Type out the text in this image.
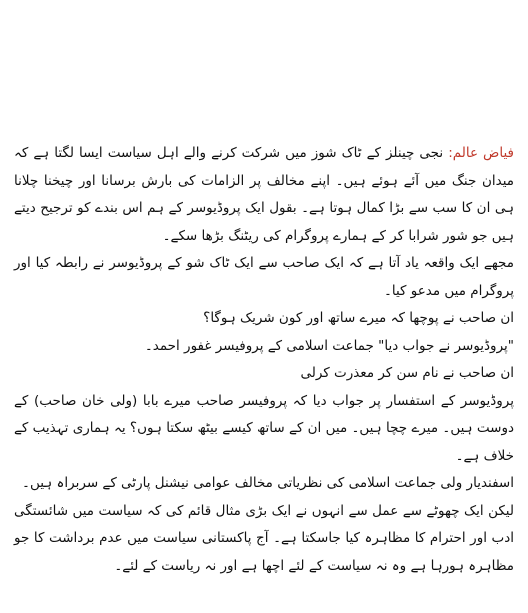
فیاض عالم: نجی چینلز کے ٹاک شوز میں شرکت کرنے والے اہل سیاست ایسا لگتا ہے کہ میدان جنگ میں آئے ہوئے ہیں۔ اپنے مخالف پر الزامات کی بارش برسانا اور چیخنا چلانا ہی ان کا سب سے بڑا کمال ہوتا ہے۔ بقول ایک پروڈیوسر کے ہم اس بندے کو ترجیح دیتے ہیں جو شور شرابا کر کے ہمارے پروگرام کی ریٹنگ بڑھا سکے۔

مجھے ایک واقعہ یاد آتا ہے کہ ایک صاحب سے ایک ٹاک شو کے پروڈیوسر نے رابطہ کیا اور پروگرام میں مدعو کیا۔

ان صاحب نے پوچھا کہ میرے ساتھ اور کون شریک ہوگا؟

"پروڈیوسر نے جواب دیا" جماعت اسلامی کے پروفیسر غفور احمد۔

ان صاحب نے نام سن کر معذرت کرلی

پروڈیوسر کے استفسار پر جواب دیا کہ پروفیسر صاحب میرے بابا (ولی خان صاحب) کے دوست ہیں۔ میرے چچا ہیں۔ میں ان کے ساتھ کیسے بیٹھ سکتا ہوں؟ یہ ہماری تہذیب کے خلاف ہے۔

اسفندیار ولی جماعت اسلامی کی نظریاتی مخالف عوامی نیشنل پارٹی کے سربراہ ہیں۔

لیکن ایک چھوٹے سے عمل سے انہوں نے ایک بڑی مثال قائم کی کہ سیاست میں شائستگی ادب اور احترام کا مظاہرہ کیا جاسکتا ہے۔ آج پاکستانی سیاست میں عدم برداشت کا جو مظاہرہ ہورہا ہے وہ نہ سیاست کے لئے اچھا ہے اور نہ ریاست کے لئے۔
